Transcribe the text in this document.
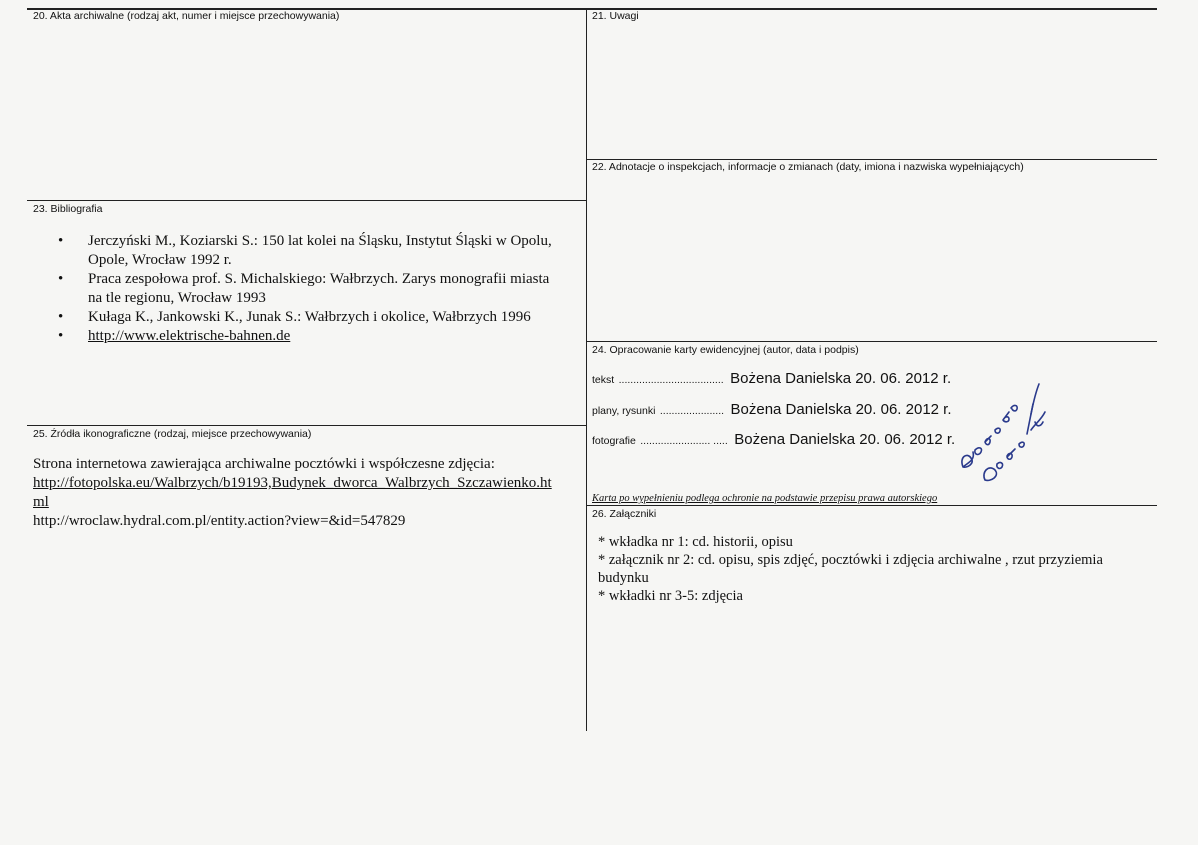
20. Akta archiwalne (rodzaj akt, numer i miejsce przechowywania)	21. Uwagi
22. Adnotacje o inspekcjach, informacje o zmianach (daty, imiona i nazwiska wypełniających)
23. Bibliografia
• Jerczyński M., Koziarski S.: 150 lat kolei na Śląsku, Instytut Śląski w Opolu,
Opole, Wrocław 1992 r.
• Praca zespołowa prof. S. Michalskiego: Wałbrzych. Zarys monografii miasta
na tle regionu, Wrocław 1993
• Kułaga K., Jankowski K., Junak S.: Wałbrzych i okolice, Wałbrzych 1996
• http://www.elektrische-bahnen.de
24. Opracowanie karty ewidencyjnej (autor, data i podpis)
tekst .................................... Bożena Danielska 20. 06. 2012 r.
plany, rysunki ...................... Bożena Danielska 20. 06. 2012 r.
fotografie ........................ ..... Bożena Danielska 20. 06. 2012 r.
Karta po wypełnieniu podlega ochronie na podstawie przepisu prawa autorskiego
25. Źródła ikonograficzne (rodzaj, miejsce przechowywania)
Strona internetowa zawierająca archiwalne pocztówki i współczesne zdjęcia:
http://fotopolska.eu/Walbrzych/b19193,Budynek_dworca_Walbrzych_Szczawienko.ht
ml
http://wroclaw.hydral.com.pl/entity.action?view=&id=547829	26. Załączniki
* wkładka nr 1: cd. historii, opisu
* załącznik nr 2: cd. opisu, spis zdjęć, pocztówki i zdjęcia archiwalne , rzut przyziemia
budynku
* wkładki nr 3-5: zdjęcia
